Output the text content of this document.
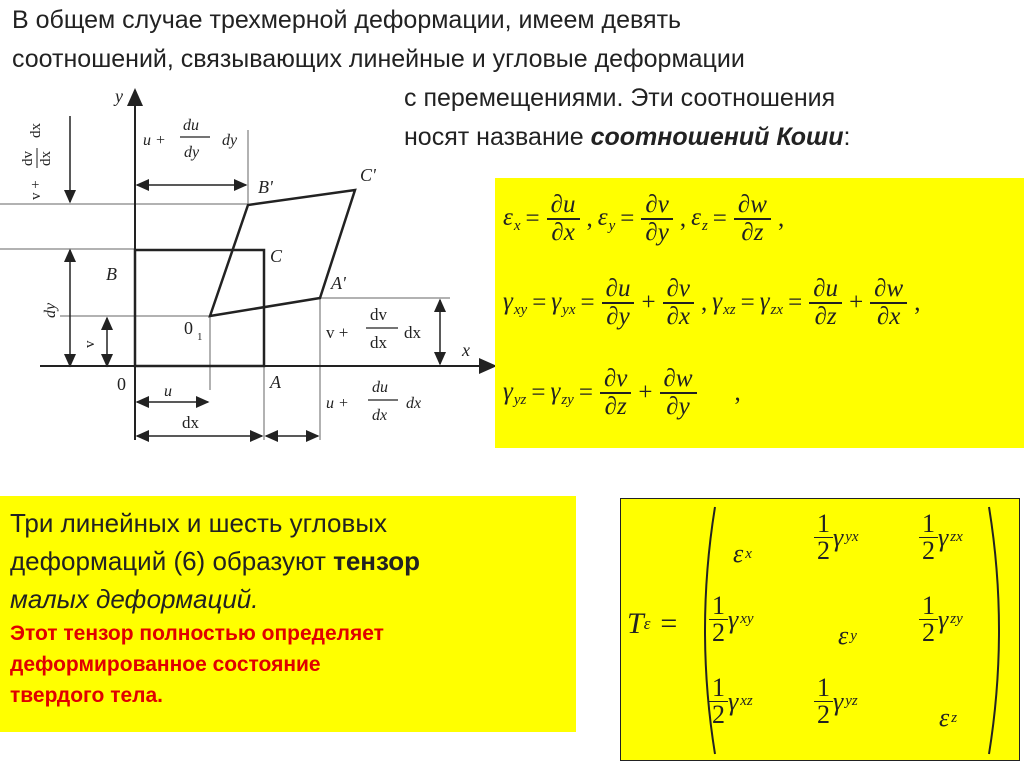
В общем случае трехмерной деформации, имеем девять
соотношений, связывающих линейные и угловые деформации
с перемещениями. Эти соотношения
носят название соотношений Коши:
y
x
B'
C'
C
B	A'
0 1
A
0
v +
dv dx
dx
dy
v
u +
du
dy
dy
v +
dv
dx
dx
u
dx
u +
du
dx
dx
$\varepsilon_x = \frac{\partial u}{\partial x}$ , $\varepsilon_y = \frac{\partial v}{\partial y}$ , $\varepsilon_z = \frac{\partial w}{\partial z}$ ,
$\gamma_{xy} = \gamma_{yx} = \frac{\partial u}{\partial y} + \frac{\partial v}{\partial x}$ , $\gamma_{xz} = \gamma_{zx} = \frac{\partial u}{\partial z} + \frac{\partial w}{\partial x}$ ,
$\gamma_{yz} = \gamma_{zy} = \frac{\partial v}{\partial z} + \frac{\partial w}{\partial y}$ ,
Три линейных и шесть угловых
деформаций (6) образуют тензор
малых деформаций.
Этот тензор полностью определяет
деформированное состояние
твердого тела.
T ε =
ε x
1
2 γ yx 1
2 γ zx
1
2 γ xy
ε y
1
2 γ zy
1
2 γ xz 1
2 γ yz
ε z
